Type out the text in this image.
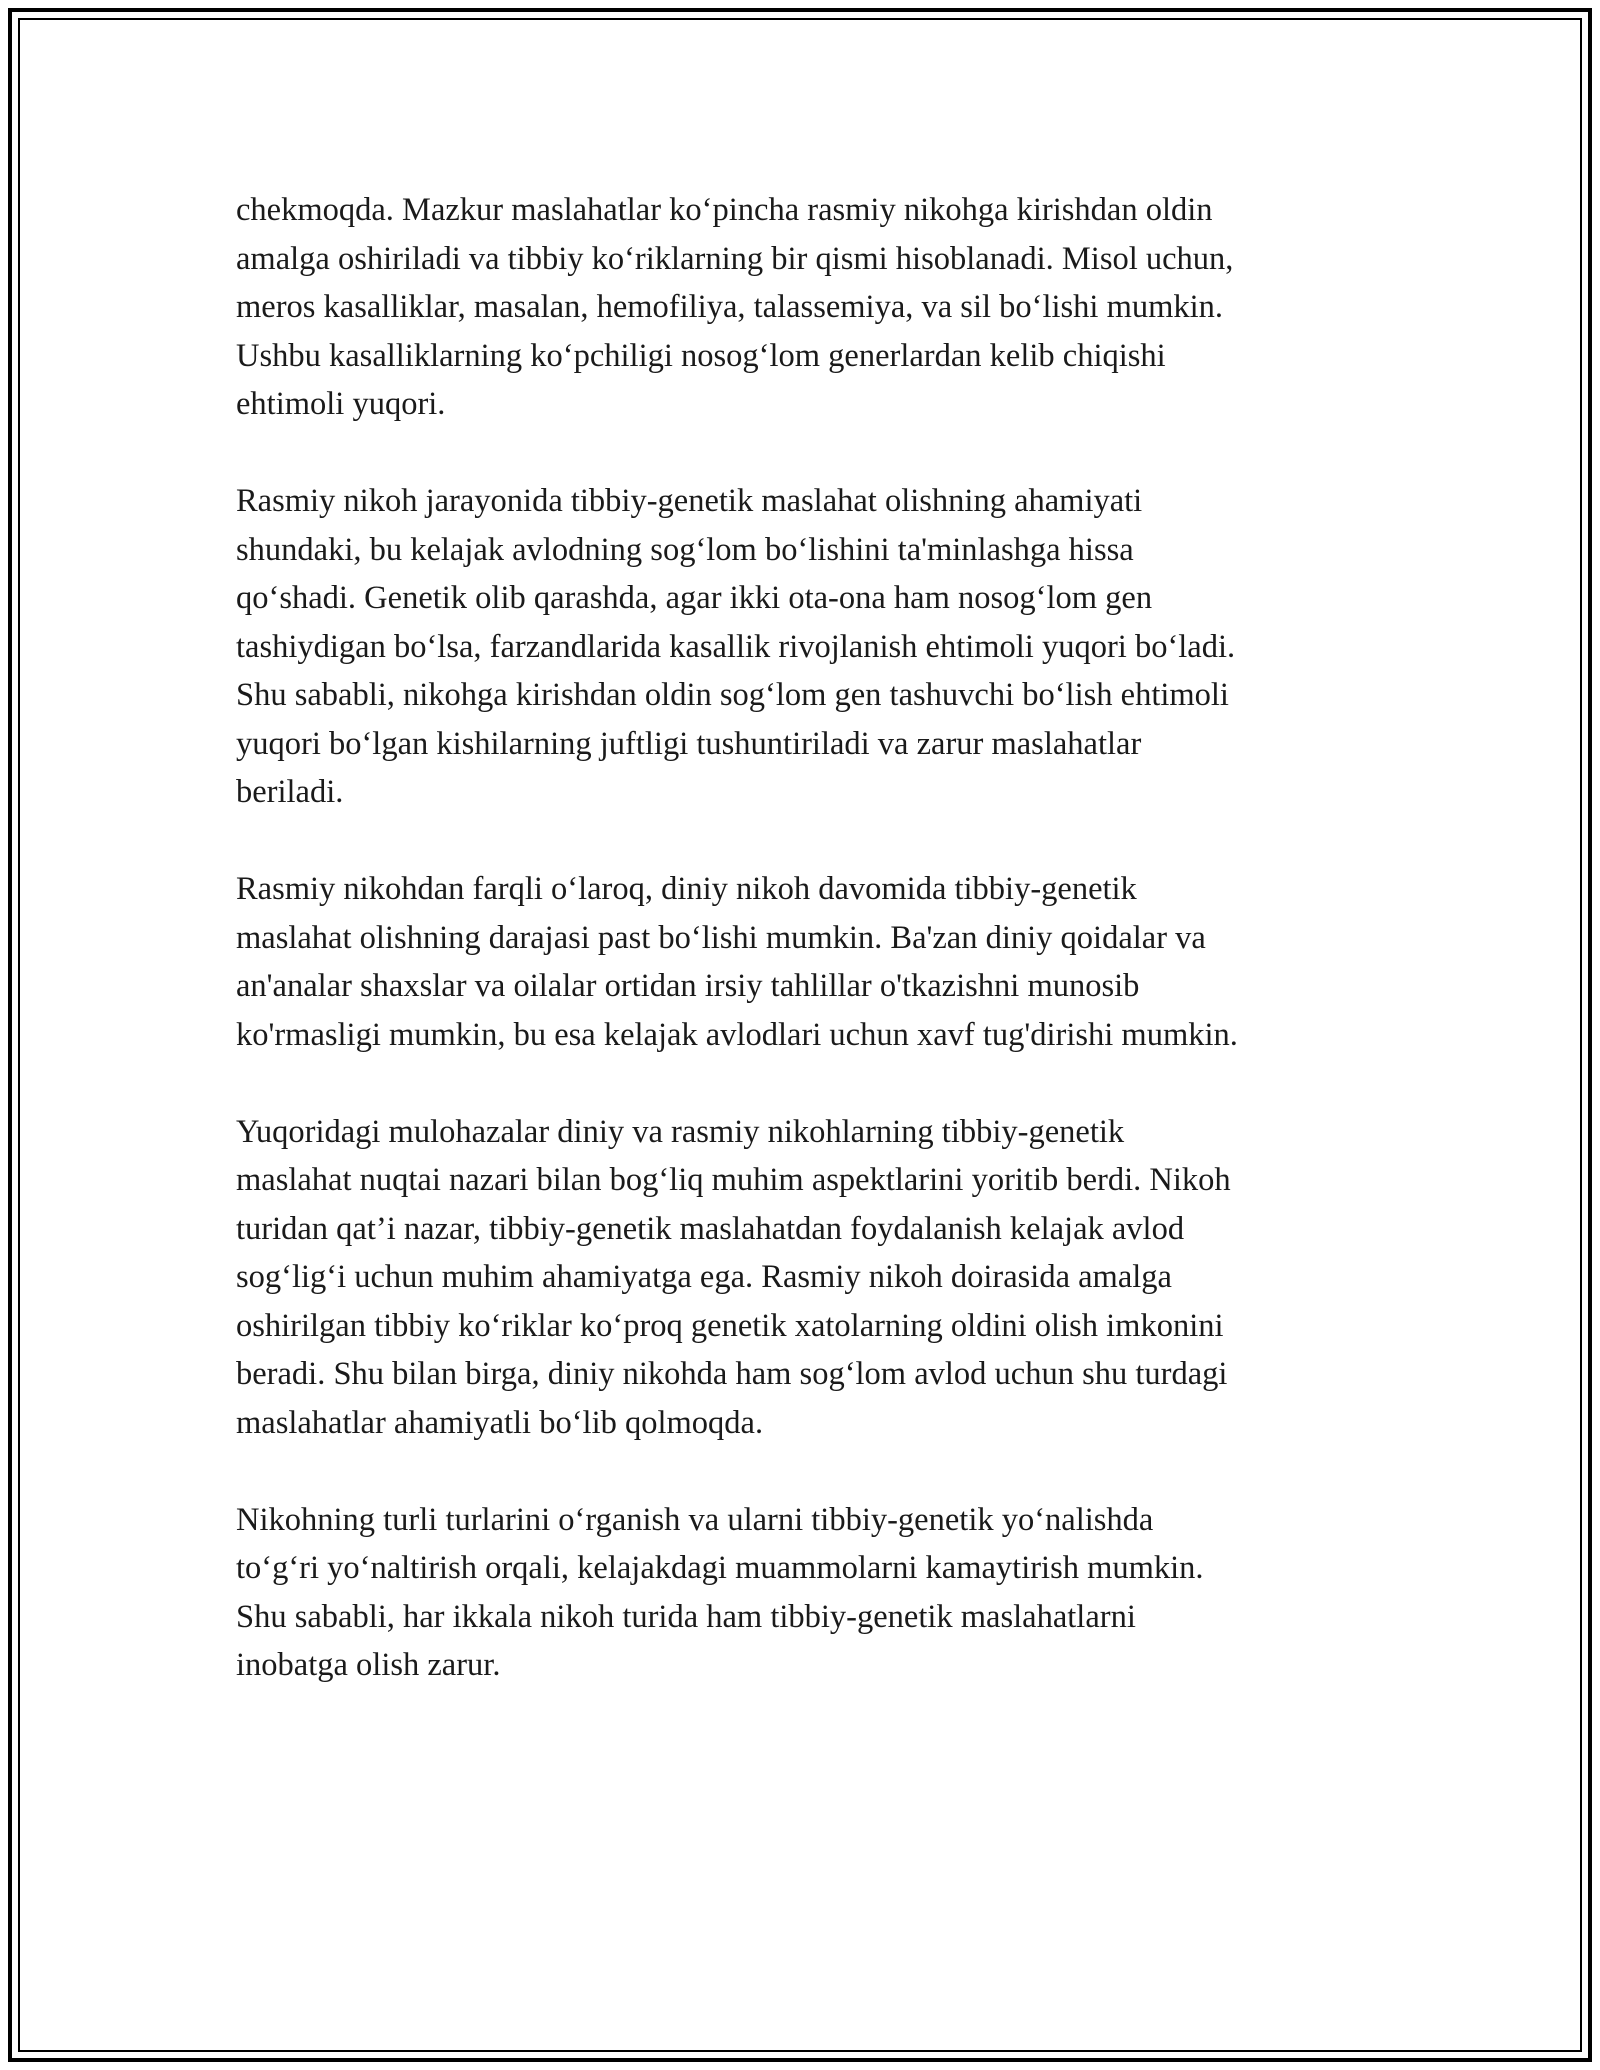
chekmoqda. Mazkur maslahatlar koʻpincha rasmiy nikohga kirishdan oldin
amalga oshiriladi va tibbiy koʻriklarning bir qismi hisoblanadi. Misol uchun,
meros kasalliklar, masalan, hemofiliya, talassemiya, va sil boʻlishi mumkin.
Ushbu kasalliklarning koʻpchiligi nosogʻlom generlardan kelib chiqishi
ehtimoli yuqori.

Rasmiy nikoh jarayonida tibbiy-genetik maslahat olishning ahamiyati
shundaki, bu kelajak avlodning sogʻlom boʻlishini ta'minlashga hissa
qoʻshadi. Genetik olib qarashda, agar ikki ota-ona ham nosogʻlom gen
tashiydigan boʻlsa, farzandlarida kasallik rivojlanish ehtimoli yuqori boʻladi.
Shu sababli, nikohga kirishdan oldin sogʻlom gen tashuvchi boʻlish ehtimoli
yuqori boʻlgan kishilarning juftligi tushuntiriladi va zarur maslahatlar
beriladi.

Rasmiy nikohdan farqli oʻlaroq, diniy nikoh davomida tibbiy-genetik
maslahat olishning darajasi past boʻlishi mumkin. Ba'zan diniy qoidalar va
an'analar shaxslar va oilalar ortidan irsiy tahlillar o'tkazishni munosib
ko'rmasligi mumkin, bu esa kelajak avlodlari uchun xavf tug'dirishi mumkin.

Yuqoridagi mulohazalar diniy va rasmiy nikohlarning tibbiy-genetik
maslahat nuqtai nazari bilan bogʻliq muhim aspektlarini yoritib berdi. Nikoh
turidan qat’i nazar, tibbiy-genetik maslahatdan foydalanish kelajak avlod
sogʻligʻi uchun muhim ahamiyatga ega. Rasmiy nikoh doirasida amalga
oshirilgan tibbiy koʻriklar koʻproq genetik xatolarning oldini olish imkonini
beradi. Shu bilan birga, diniy nikohda ham sogʻlom avlod uchun shu turdagi
maslahatlar ahamiyatli boʻlib qolmoqda.

Nikohning turli turlarini oʻrganish va ularni tibbiy-genetik yoʻnalishda
toʻgʻri yoʻnaltirish orqali, kelajakdagi muammolarni kamaytirish mumkin.
Shu sababli, har ikkala nikoh turida ham tibbiy-genetik maslahatlarni
inobatga olish zarur.
